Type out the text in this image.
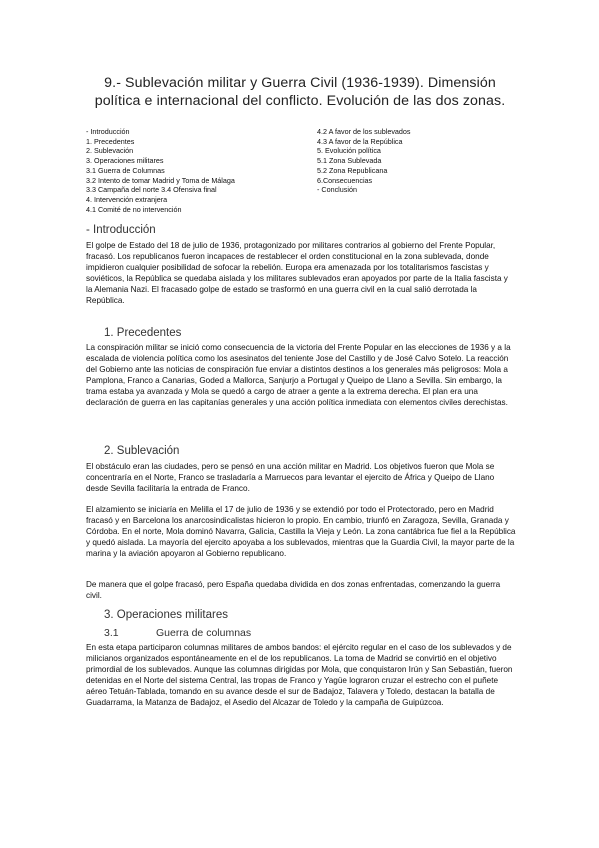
9.- Sublevación militar y Guerra Civil (1936-1939). Dimensión política e internacional del conflicto. Evolución de las dos zonas.
- Introducción
1. Precedentes
2. Sublevación
3. Operaciones militares
3.1 Guerra de Columnas
3.2 Intento de tomar Madrid y Toma de Málaga
3.3 Campaña del norte 3.4 Ofensiva final
4. Intervención extranjera
4.1 Comité de no intervención
4.2 A favor de los sublevados
4.3 A favor de la República
5. Evolución política
5.1 Zona Sublevada
5.2 Zona Republicana
6.Consecuencias
- Conclusión
- Introducción
El golpe de Estado del 18 de julio de 1936, protagonizado por militares contrarios al gobierno del Frente Popular, fracasó. Los republicanos fueron incapaces de restablecer el orden constitucional en la zona sublevada, donde impidieron cualquier posibilidad de sofocar la rebelión. Europa era amenazada por los totalitarismos fascistas y soviéticos, la República se quedaba aislada y los militares sublevados eran apoyados por parte de la Italia fascista y la Alemania Nazi. El fracasado golpe de estado se trasformó en una guerra civil en la cual salió derrotada la República.
1. Precedentes
La conspiración militar se inició como consecuencia de la victoria del Frente Popular en las elecciones de 1936 y a la escalada de violencia política como los asesinatos del teniente Jose del Castillo y de José Calvo Sotelo. La reacción del Gobierno ante las noticias de conspiración fue enviar a distintos destinos a los generales más peligrosos: Mola a Pamplona, Franco a Canarias, Goded a Mallorca, Sanjurjo a Portugal y Queipo de Llano a Sevilla. Sin embargo, la trama estaba ya avanzada y Mola se quedó a cargo de atraer a gente a la extrema derecha. El plan era una declaración de guerra en las capitanías generales y una acción política inmediata con elementos civiles derechistas.
2. Sublevación
El obstáculo eran las ciudades, pero se pensó en una acción militar en Madrid. Los objetivos fueron que Mola se concentraría en el Norte, Franco se trasladaría a Marruecos para levantar el ejercito de África y Queipo de Llano desde Sevilla facilitaría la entrada de Franco.
El alzamiento se iniciaría en Melilla el 17 de julio de 1936 y se extendió por todo el Protectorado, pero en Madrid fracasó y en Barcelona los anarcosindicalistas hicieron lo propio. En cambio, triunfó en Zaragoza, Sevilla, Granada y Córdoba. En el norte, Mola dominó Navarra, Galicia, Castilla la Vieja y León. La zona cantábrica fue fiel a la República y quedó aislada. La mayoría del ejercito apoyaba a los sublevados, mientras que la Guardia Civil, la mayor parte de la marina y la aviación apoyaron al Gobierno republicano.
De manera que el golpe fracasó, pero España quedaba dividida en dos zonas enfrentadas, comenzando la guerra civil.
3. Operaciones militares
3.1	Guerra de columnas
En esta etapa participaron columnas militares de ambos bandos: el ejército regular en el caso de los sublevados y de milicianos organizados espontáneamente en el de los republicanos. La toma de Madrid se convirtió en el objetivo primordial de los sublevados. Aunque las columnas dirigidas por Mola, que conquistaron Irún y San Sebastián, fueron detenidas en el Norte del sistema Central, las tropas de Franco y Yagüe lograron cruzar el estrecho con el puñete aéreo Tetuán-Tablada, tomando en su avance desde el sur de Badajoz, Talavera y Toledo, destacan la batalla de Guadarrama, la Matanza de Badajoz, el Asedio del Alcazar de Toledo y la campaña de Guipúzcoa.
